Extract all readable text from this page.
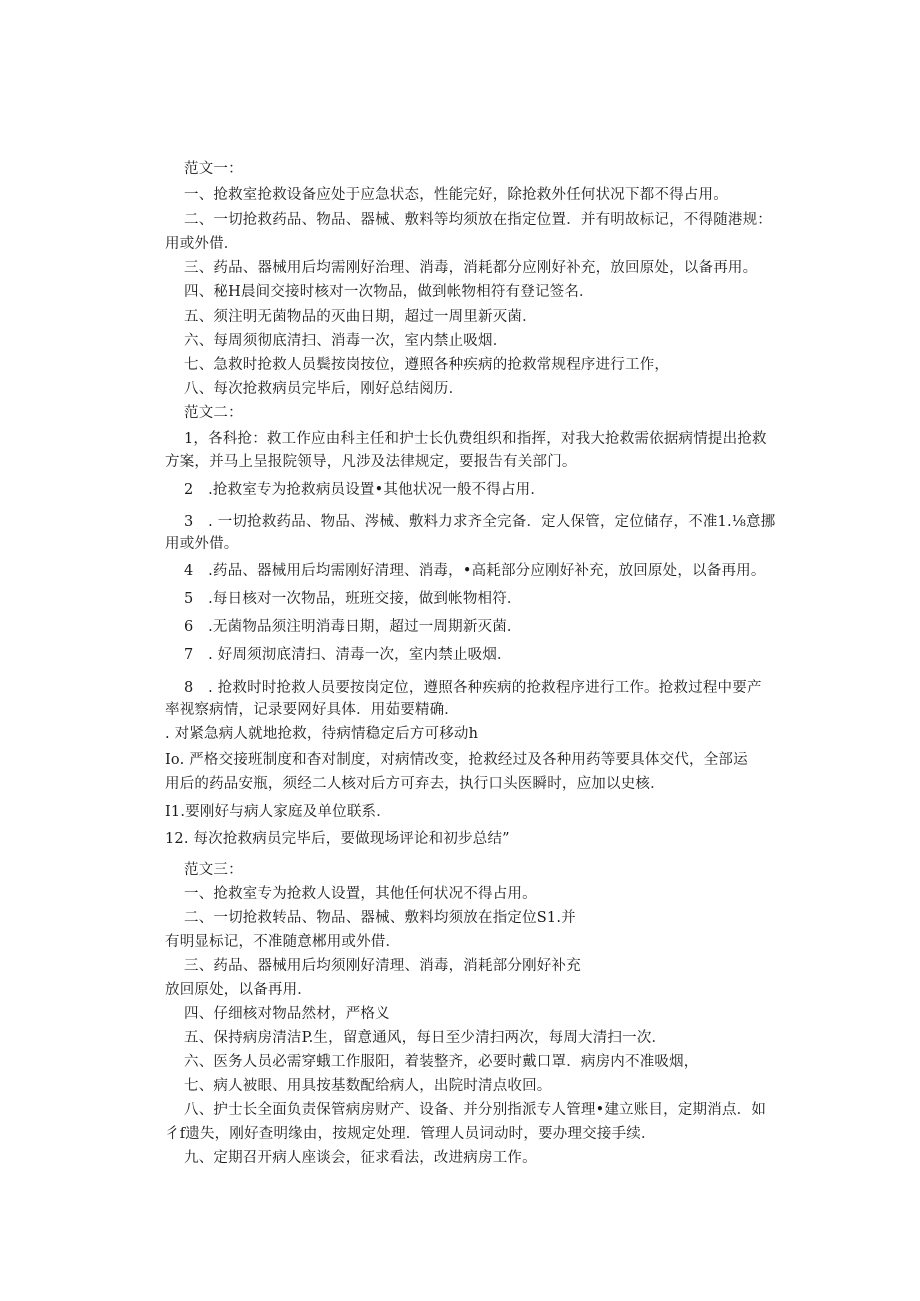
范文一：
一、抢救室抢救设备应处于应急状态，性能完好，除抢救外任何状况下都不得占用。
二、一切抢救药品、物品、器械、敷料等均须放在指定位置．并有明故标记，不得随港规：
用或外借．
三、药品、器械用后均需刚好治理、消毒，消耗都分应刚好补充，放回原处，以备再用。
四、秘H晨间交接时核对一次物品，做到帐物相符有登记签名．
五、须注明无菌物品的灭曲日期，超过一周里新灭菌．
六、每周须彻底清扫、消毒一次，室内禁止吸烟．
七、急救时抢救人员鬓按岗按位，遵照各种疾病的抢救常规程序进行工作，
八、每次抢救病员完毕后，刚好总结阅历．
范文二：
1，各科抢：救工作应由科主任和护士长仇费组织和指挥，对我大抢救需依据病情提出抢救
方案，并马上呈报院领导，凡涉及法律规定，要报告有关部门。
2　.抢救室专为抢救病员设置•其他状况一般不得占用．
3　. 一切抢救药品、物品、涔械、敷料力求齐全完备．定人保管，定位储存，不准1.⅛意挪
用或外借。
4　.药品、器械用后均需刚好清理、消毒，•高耗部分应刚好补充，放回原处，以备再用。
5　.每日核对一次物品，班班交接，做到帐物相符．
6　.无菌物品须注明消毒日期，超过一周期新灭菌．
7　. 好周须沏底清扫、清毒一次，室内禁止吸烟．
8　. 抢救时时抢救人员要按岗定位，遵照各种疾病的抢救程序进行工作。抢救过程中要产
率视察病情，记录要网好具体．用茹要精确．
. 对紧急病人就地抢救，待病情稳定后方可移动h
Io. 严格交接班制度和杳对制度，对病情改变，抢救经过及各种用药等要具体交代，全部运
用后的药品安瓶，须经二人核对后方可弃去，执行口头医瞬时，应加以史核．
I1.要刚好与病人家庭及单位联系．
12. 每次抢救病员完毕后，要做现场评论和初步总结”
范文三：
一、抢救室专为抢救人设置，其他任何状况不得占用。
二、一切抢救转品、物品、器械、敷料均须放在指定位S1.并
有明显标记，不准随意郴用或外借．
三、药品、器械用后均须刚好清理、消毒，消耗部分刚好补充
放回原处，以备再用．
四、仔细核对物品然材，严格义
五、保持病房清洁P.生，留意通风，每日至少清扫两次，每周大清扫一次．
六、医务人员必需穿蛾工作服阳，着装整齐，必要时戴口罩．病房内不准吸烟，
七、病人被眼、用具按基数配给病人，出院时清点收回。
八、护士长全面负责保管病房财产、设备、并分别指派专人管理•建立账目，定期消点．如
彳f遗失，刚好查明缘由，按规定处理．管理人员词动时，要办理交接手续．
九、定期召开病人座谈会，征求看法，改进病房工作。
